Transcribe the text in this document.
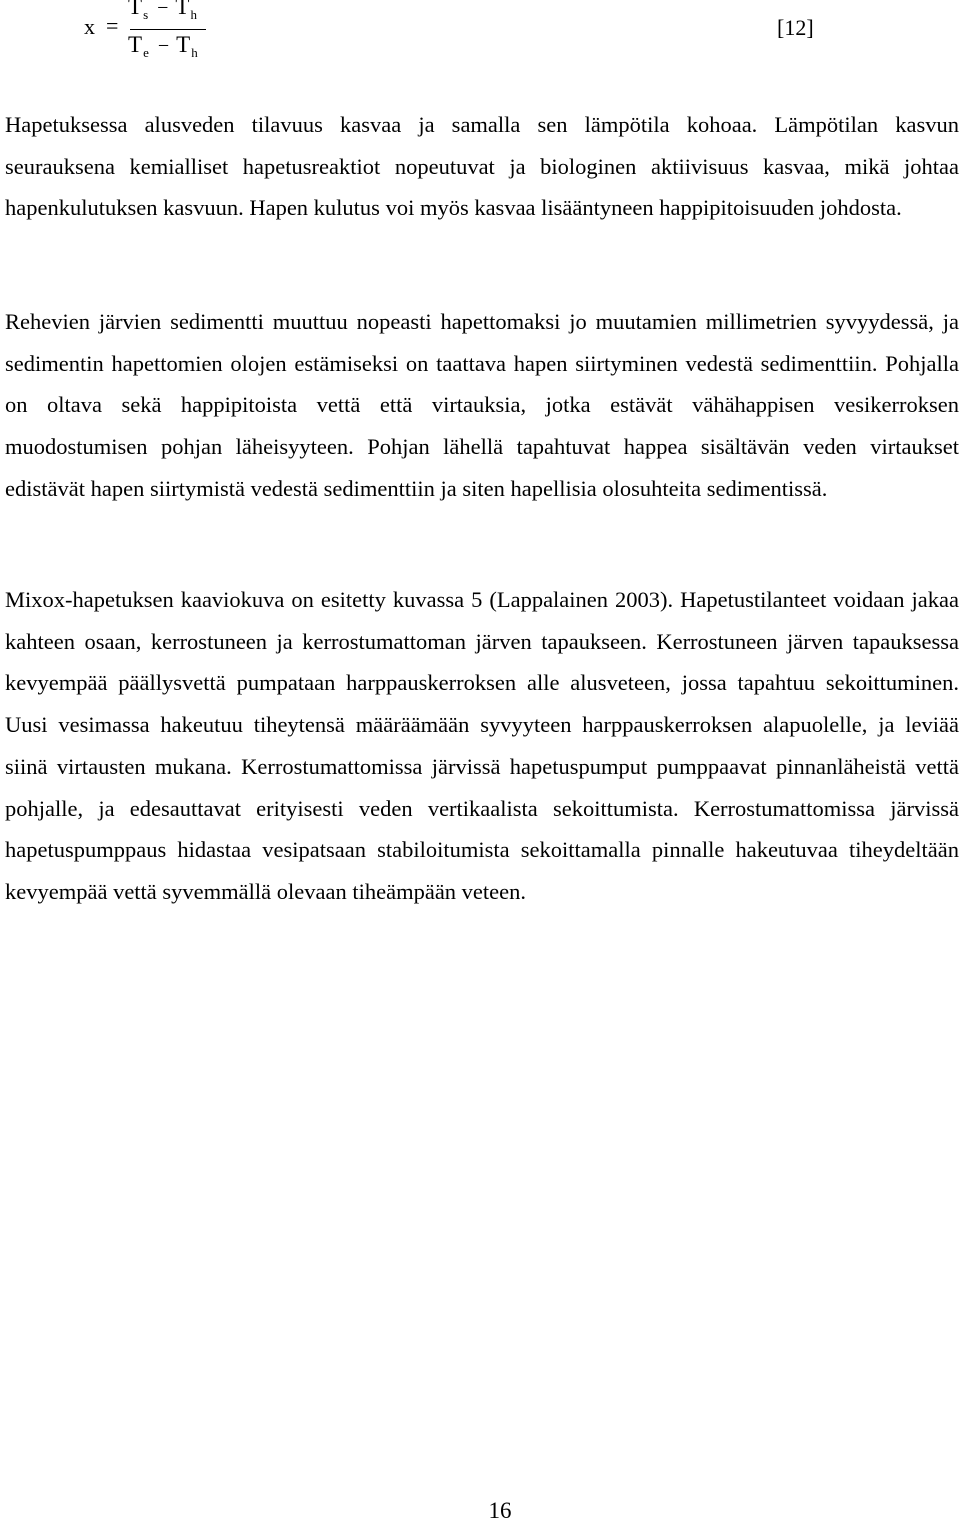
x =
$T_s - T_h$
$T_e - T_h$
[12]

Hapetuksessa alusveden tilavuus kasvaa ja samalla sen lämpötila kohoaa. Lämpötilan kasvun seurauksena kemialliset hapetusreaktiot nopeutuvat ja biologinen aktiivisuus kasvaa, mikä johtaa hapenkulutuksen kasvuun. Hapen kulutus voi myös kasvaa lisääntyneen happipitoisuuden johdosta.

Rehevien järvien sedimentti muuttuu nopeasti hapettomaksi jo muutamien millimetrien syvyydessä, ja sedimentin hapettomien olojen estämiseksi on taattava hapen siirtyminen vedestä sedimenttiin. Pohjalla on oltava sekä happipitoista vettä että virtauksia, jotka estävät vähähappisen vesikerroksen muodostumisen pohjan läheisyyteen. Pohjan lähellä tapahtuvat happea sisältävän veden virtaukset edistävät hapen siirtymistä vedestä sedimenttiin ja siten hapellisia olosuhteita sedimentissä.

Mixox-hapetuksen kaaviokuva on esitetty kuvassa 5 (Lappalainen 2003). Hapetustilanteet voidaan jakaa kahteen osaan, kerrostuneen ja kerrostumattoman järven tapaukseen. Kerrostuneen järven tapauksessa kevyempää päällysvettä pumpataan harppauskerroksen alle alusveteen, jossa tapahtuu sekoittuminen. Uusi vesimassa hakeutuu tiheytensä määräämään syvyyteen harppauskerroksen alapuolelle, ja leviää siinä virtausten mukana. Kerrostumattomissa järvissä hapetuspumput pumppaavat pinnanläheistä vettä pohjalle, ja edesauttavat erityisesti veden vertikaalista sekoittumista. Kerrostumattomissa järvissä hapetuspumppaus hidastaa vesipatsaan stabiloitumista sekoittamalla pinnalle hakeutuvaa tiheydeltään kevyempää vettä syvemmällä olevaan tiheämpään veteen.

16
